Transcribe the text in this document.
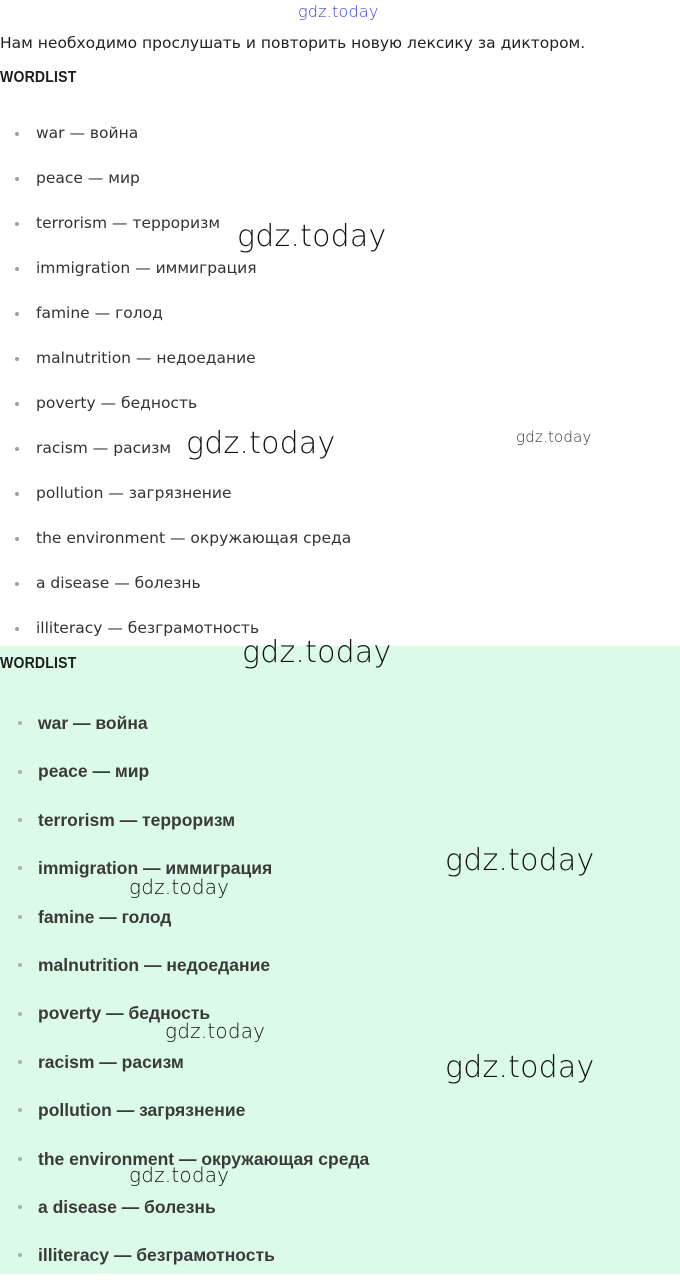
gdz.today
gdz.today
gdz.today	gdz.today
gdz.today
gdz.today
gdz.today
gdz.today
gdz.today
gdz.today
Нам необходимо прослушать и повторить новую лексику за диктором.
WORDLIST
war — война
peace — мир
terrorism — терроризм
immigration — иммиграция
famine — голод
malnutrition — недоедание
poverty — бедность
racism — расизм
pollution — загрязнение
the environment — окружающая среда
a disease — болезнь
illiteracy — безграмотность
WORDLIST
war — война
peace — мир
terrorism — терроризм
immigration — иммиграция
famine — голод
malnutrition — недоедание
poverty — бедность
racism — расизм
pollution — загрязнение
the environment — окружающая среда
a disease — болезнь
illiteracy — безграмотность
